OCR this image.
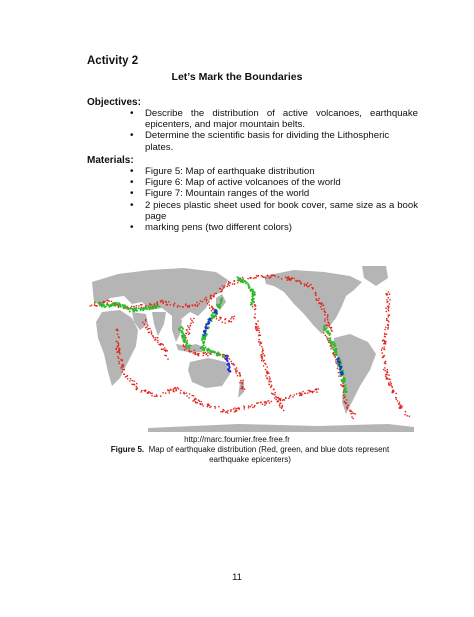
Activity 2
Let’s Mark the Boundaries
Objectives:
• Describe the distribution of active volcanoes, earthquake epicenters, and major mountain belts.
• Determine the scientific basis for dividing the Lithospheric plates.
Materials:
• Figure 5: Map of earthquake distribution
• Figure 6: Map of active volcanoes of the world
• Figure 7: Mountain ranges of the world
• 2 pieces plastic sheet used for book cover, same size as a book page
• marking pens (two different colors)
http://marc.fournier.free.free.fr
Figure 5. Map of earthquake distribution (Red, green, and blue dots represent earthquake epicenters)
11
